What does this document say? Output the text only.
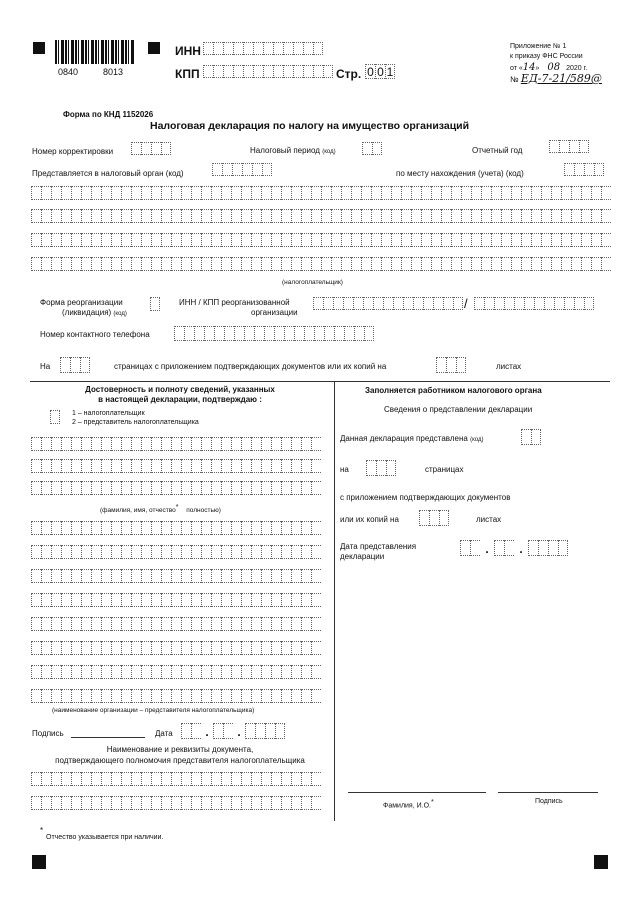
0840	8013
ИНН
КПП	Стр. 0 0 1
Приложение № 1
к приказу ФНС России
от «14» 08 2020 г.
№ ЕД-7-21/589@
Форма по КНД 1152026
Налоговая декларация по налогу на имущество организаций
Номер корректировки	Налоговый период (код)	Отчетный год
Представляется в налоговый орган (код)	по месту нахождения (учета) (код)
(налогоплательщик)
Форма реорганизации
(ликвидация) (код)
ИНН / КПП реорганизованной
организации
/
Номер контактного телефона
На	страницах с приложением подтверждающих документов или их копий на	листах
Достоверность и полноту сведений, указанных
в настоящей декларации, подтверждаю :
1 – налогоплательщик
2 – представитель налогоплательщика
(фамилия, имя, отчество* полностью)
(наименование организации – представителя налогоплательщика)
Подпись	Дата	.	.
Наименование и реквизиты документа,
подтверждающего полномочия представителя налогоплательщика
Заполняется работником налогового органа
Сведения о представлении декларации
Данная декларация представлена (код)
на	страницах
с приложением подтверждающих документов
или их копий на	листах
Дата представления
декларации
.	.
Фамилия, И.О.*	Подпись
*
Отчество указывается при наличии.
